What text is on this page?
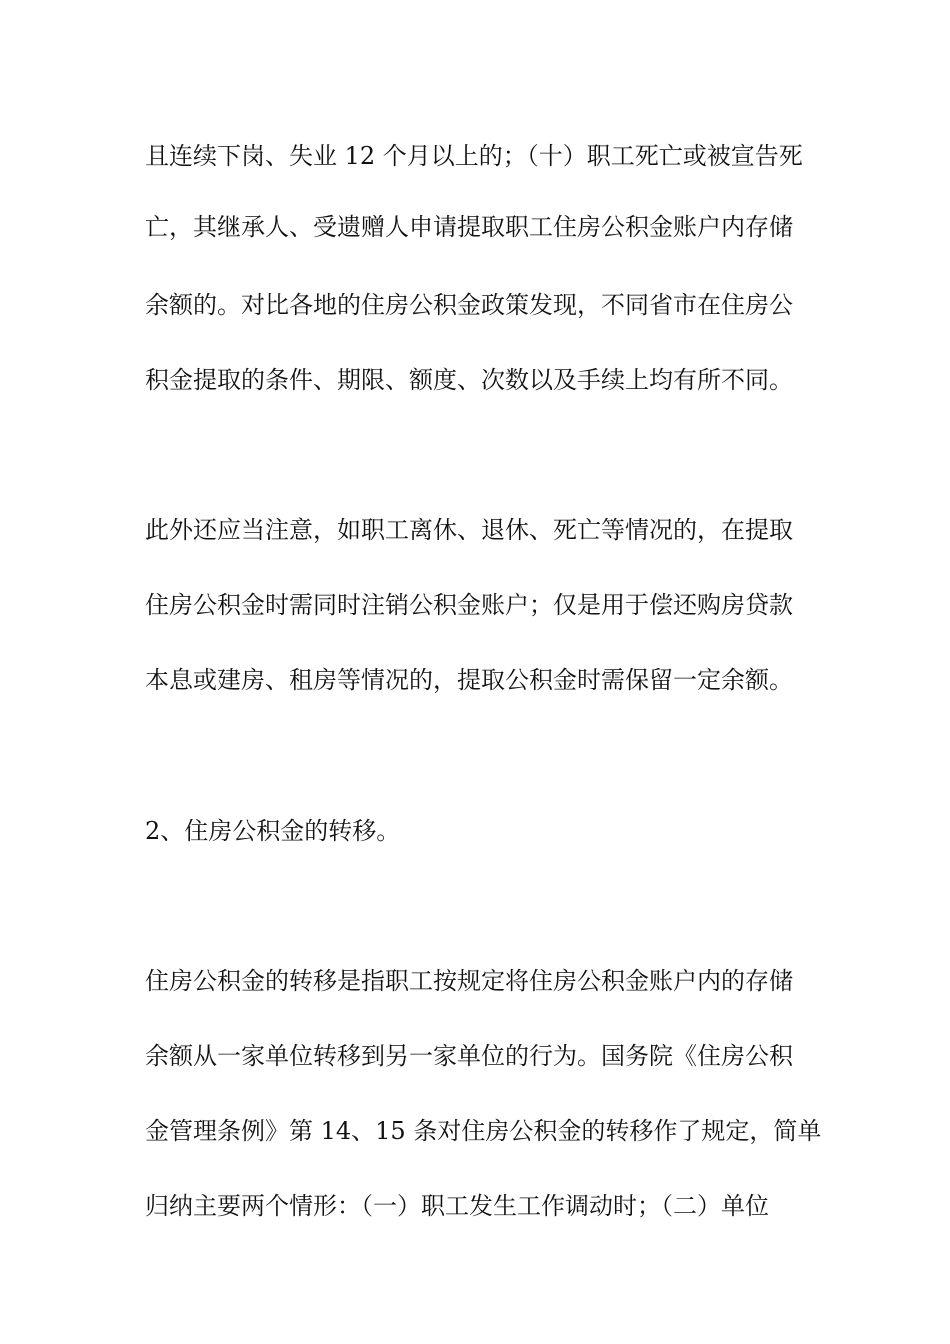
且连续下岗、失业 12 个月以上的；（十）职工死亡或被宣告死
亡，其继承人、受遗赠人申请提取职工住房公积金账户内存储
余额的。对比各地的住房公积金政策发现，不同省市在住房公
积金提取的条件、期限、额度、次数以及手续上均有所不同。
此外还应当注意，如职工离休、退休、死亡等情况的，在提取
住房公积金时需同时注销公积金账户；仅是用于偿还购房贷款
本息或建房、租房等情况的，提取公积金时需保留一定余额。
2、住房公积金的转移。
住房公积金的转移是指职工按规定将住房公积金账户内的存储
余额从一家单位转移到另一家单位的行为。国务院《住房公积
金管理条例》第 14、15 条对住房公积金的转移作了规定，简单
归纳主要两个情形：（一）职工发生工作调动时；（二）单位
